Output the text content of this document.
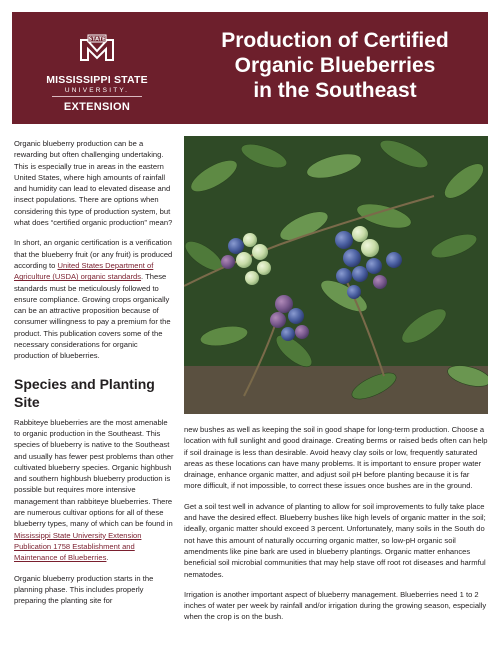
STATE
MISSISSIPPI STATE
UNIVERSITY.
EXTENSION
Production of Certified
Organic Blueberries
in the Southeast

Organic blueberry production can be a rewarding but often challenging undertaking. This is especially true in areas in the eastern United States, where high amounts of rainfall and humidity can lead to elevated disease and insect populations. There are options when considering this type of production system, but what does “certified organic production” mean?

In short, an organic certification is a verification that the blueberry fruit (or any fruit) is produced according to United States Department of Agriculture (USDA) organic standards. These standards must be meticulously followed to ensure compliance. Growing crops organically can be an attractive proposition because of consumer willingness to pay a premium for the product. This publication covers some of the necessary considerations for organic production of blueberries.

Species and Planting Site

Rabbiteye blueberries are the most amenable to organic production in the Southeast. This species of blueberry is native to the Southeast and usually has fewer pest problems than other cultivated blueberry species. Organic highbush and southern highbush blueberry production is possible but requires more intensive management than rabbiteye blueberries. There are numerous cultivar options for all of these blueberry types, many of which can be found in Mississippi State University Extension Publication 1758 Establishment and Maintenance of Blueberries.

Organic blueberry production starts in the planning phase. This includes properly preparing the planting site for

new bushes as well as keeping the soil in good shape for long-term production. Choose a location with full sunlight and good drainage. Creating berms or raised beds often can help if soil drainage is less than desirable. Avoid heavy clay soils or low, frequently saturated areas as these locations can have many problems. It is important to ensure proper water drainage, enhance organic matter, and adjust soil pH before planting because it is far more difficult, if not impossible, to correct these issues once bushes are in the ground.

Get a soil test well in advance of planting to allow for soil improvements to fully take place and have the desired effect. Blueberry bushes like high levels of organic matter in the soil; ideally, organic matter should exceed 3 percent. Unfortunately, many soils in the South do not have this amount of naturally occurring organic matter, so low-pH organic soil amendments like pine bark are used in blueberry plantings. Organic matter enhances beneficial soil microbial communities that may help stave off root rot diseases and harmful nematodes.

Irrigation is another important aspect of blueberry management. Blueberries need 1 to 2 inches of water per week by rainfall and/or irrigation during the growing season, especially when the crop is on the bush.
